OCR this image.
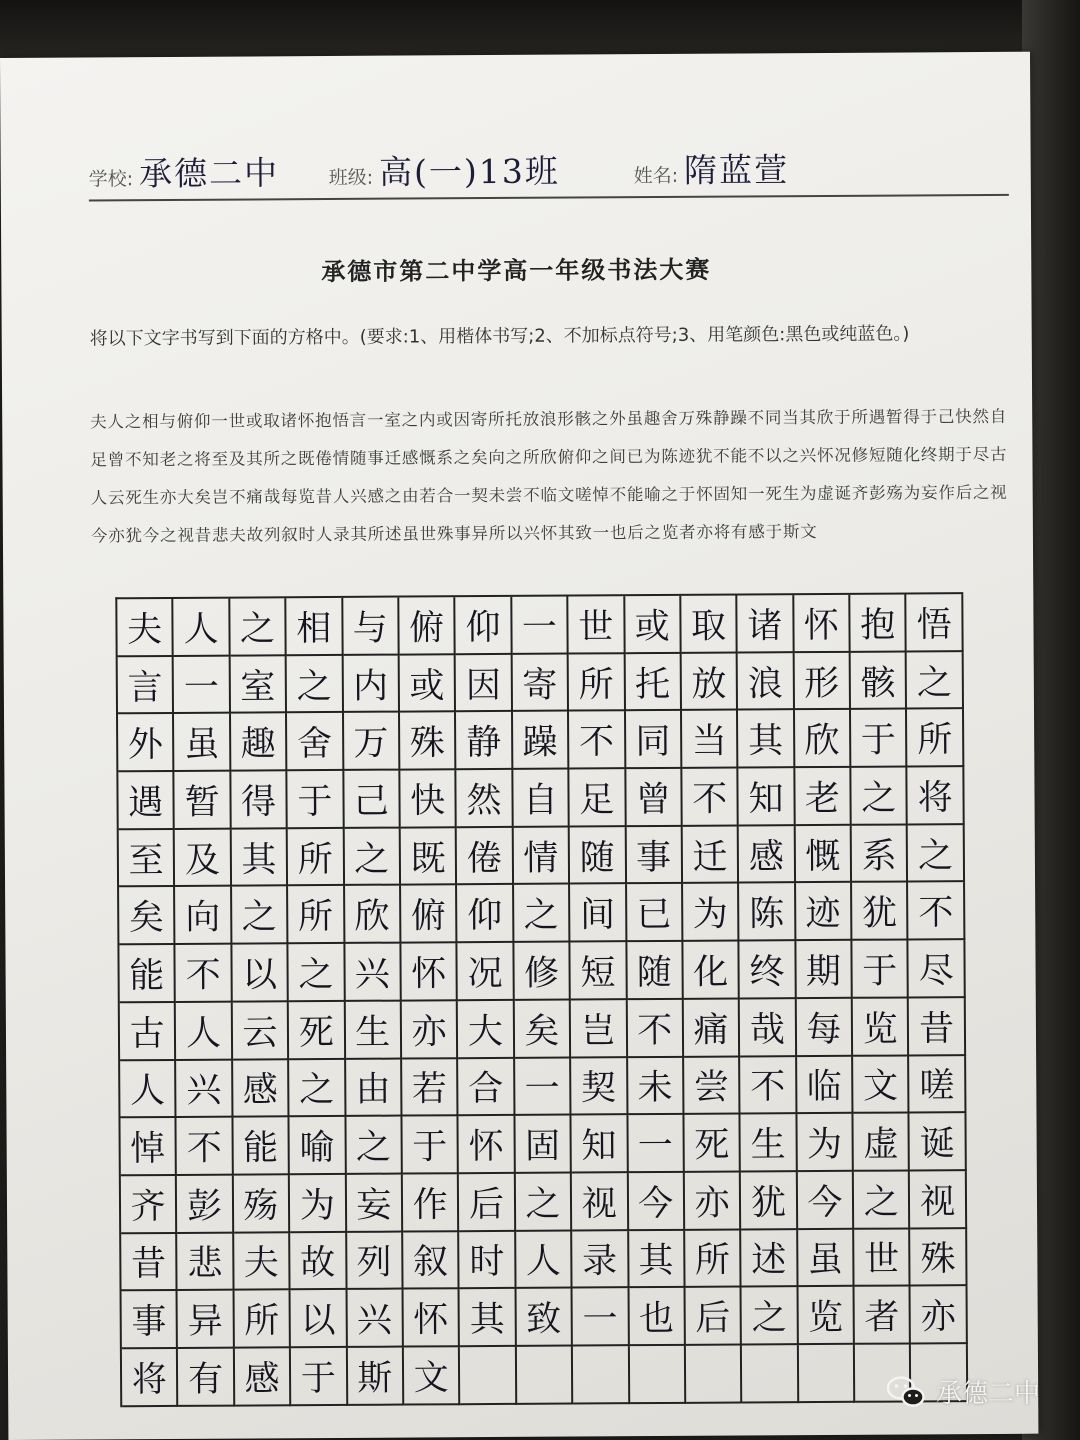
学校: 承德二中	班级: 高(一)13班	姓名: 隋蓝萱
承德市第二中学高一年级书法大赛
将以下文字书写到下面的方格中。(要求:1、用楷体书写;2、不加标点符号;3、用笔颜色:黑色或纯蓝色。)
夫人之相与俯仰一世或取诸怀抱悟言一室之内或因寄所托放浪形骸之外虽趣舍万殊静躁不同当其欣于所遇暂得于己快然自足曾不知老之将至及其所之既倦情随事迁感慨系之矣向之所欣俯仰之间已为陈迹犹不能不以之兴怀况修短随化终期于尽古人云死生亦大矣岂不痛哉每览昔人兴感之由若合一契未尝不临文嗟悼不能喻之于怀固知一死生为虚诞齐彭殇为妄作后之视今亦犹今之视昔悲夫故列叙时人录其所述虽世殊事异所以兴怀其致一也后之览者亦将有感于斯文
夫 人 之 相 与 俯 仰 一 世 或 取 诸 怀 抱 悟
言 一 室 之 内 或 因 寄 所 托 放 浪 形 骸 之
外 虽 趣 舍 万 殊 静 躁 不 同 当 其 欣 于 所
遇 暂 得 于 己 快 然 自 足 曾 不 知 老 之 将
至 及 其 所 之 既 倦 情 随 事 迁 感 慨 系 之
矣 向 之 所 欣 俯 仰 之 间 已 为 陈 迹 犹 不
能 不 以 之 兴 怀 况 修 短 随 化 终 期 于 尽
古 人 云 死 生 亦 大 矣 岂 不 痛 哉 每 览 昔
人 兴 感 之 由 若 合 一 契 未 尝 不 临 文 嗟
悼 不 能 喻 之 于 怀 固 知 一 死 生 为 虚 诞
齐 彭 殇 为 妄 作 后 之 视 今 亦 犹 今 之 视
昔 悲 夫 故 列 叙 时 人 录 其 所 述 虽 世 殊
事 异 所 以 兴 怀 其 致 一 也 后 之 览 者 亦
将 有 感 于 斯 文	承德二中
